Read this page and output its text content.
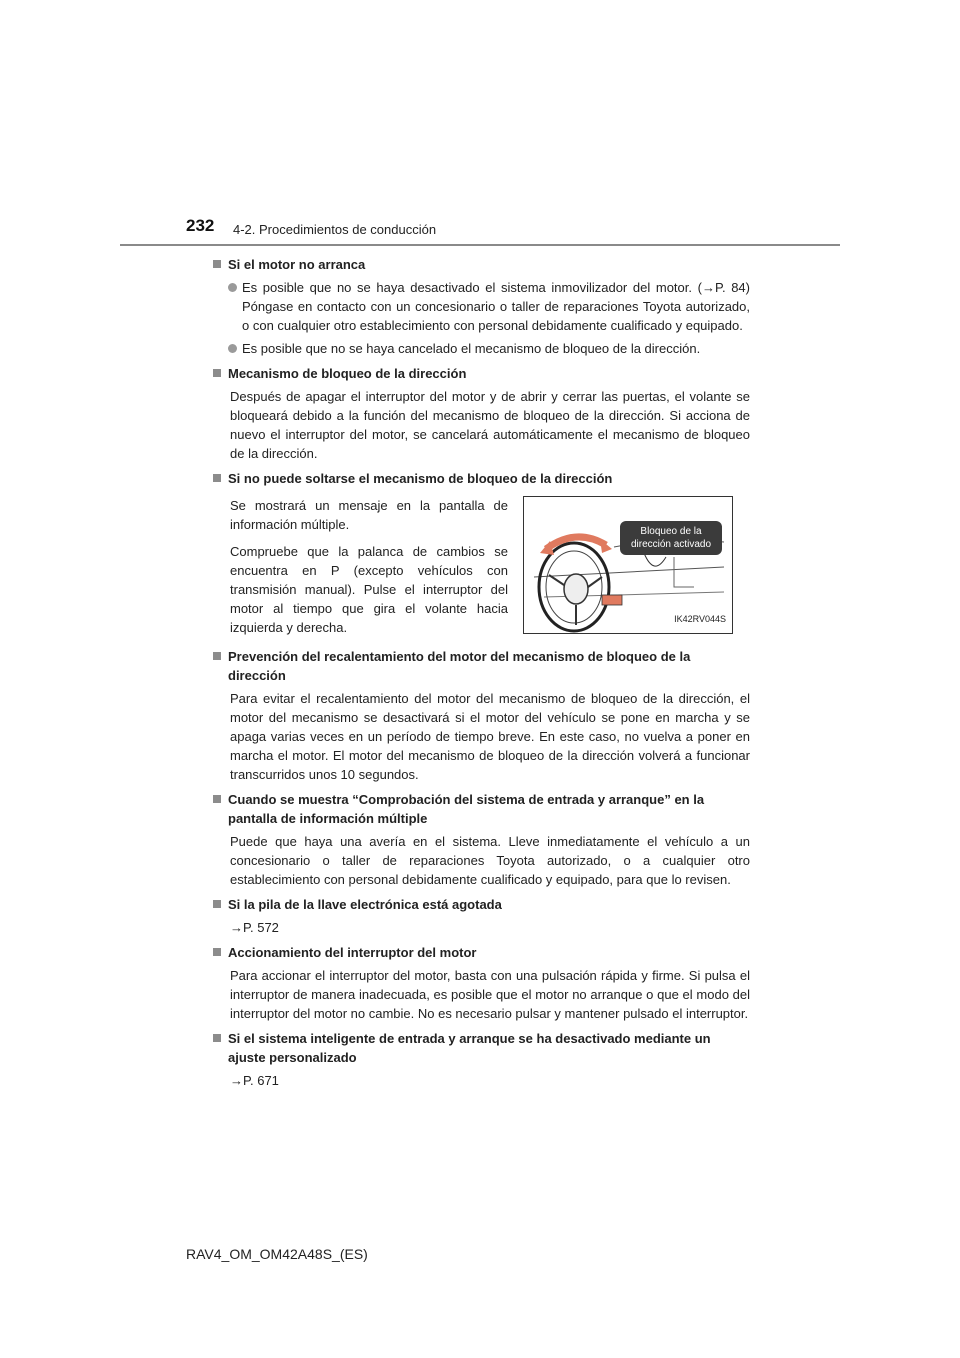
232 4-2. Procedimientos de conducción
Si el motor no arranca
Es posible que no se haya desactivado el sistema inmovilizador del motor. (→P. 84) Póngase en contacto con un concesionario o taller de reparaciones Toyota autorizado, o con cualquier otro establecimiento con personal debidamente cualificado y equipado.
Es posible que no se haya cancelado el mecanismo de bloqueo de la dirección.
Mecanismo de bloqueo de la dirección
Después de apagar el interruptor del motor y de abrir y cerrar las puertas, el volante se bloqueará debido a la función del mecanismo de bloqueo de la dirección. Si acciona de nuevo el interruptor del motor, se cancelará automáticamente el mecanismo de bloqueo de la dirección.
Si no puede soltarse el mecanismo de bloqueo de la dirección
Se mostrará un mensaje en la pantalla de información múltiple.
Compruebe que la palanca de cambios se encuentra en P (excepto vehículos con transmisión manual). Pulse el interruptor del motor al tiempo que gira el volante hacia izquierda y derecha.
Bloqueo de la
dirección activado
IK42RV044S
Prevención del recalentamiento del motor del mecanismo de bloqueo de la dirección
Para evitar el recalentamiento del motor del mecanismo de bloqueo de la dirección, el motor del mecanismo se desactivará si el motor del vehículo se pone en marcha y se apaga varias veces en un período de tiempo breve. En este caso, no vuelva a poner en marcha el motor. El motor del mecanismo de bloqueo de la dirección volverá a funcionar transcurridos unos 10 segundos.
Cuando se muestra “Comprobación del sistema de entrada y arranque” en la pantalla de información múltiple
Puede que haya una avería en el sistema. Lleve inmediatamente el vehículo a un concesionario o taller de reparaciones Toyota autorizado, o a cualquier otro establecimiento con personal debidamente cualificado y equipado, para que lo revisen.
Si la pila de la llave electrónica está agotada
→P. 572
Accionamiento del interruptor del motor
Para accionar el interruptor del motor, basta con una pulsación rápida y firme. Si pulsa el interruptor de manera inadecuada, es posible que el motor no arranque o que el modo del interruptor del motor no cambie. No es necesario pulsar y mantener pulsado el interruptor.
Si el sistema inteligente de entrada y arranque se ha desactivado mediante un ajuste personalizado
→P. 671
RAV4_OM_OM42A48S_(ES)
